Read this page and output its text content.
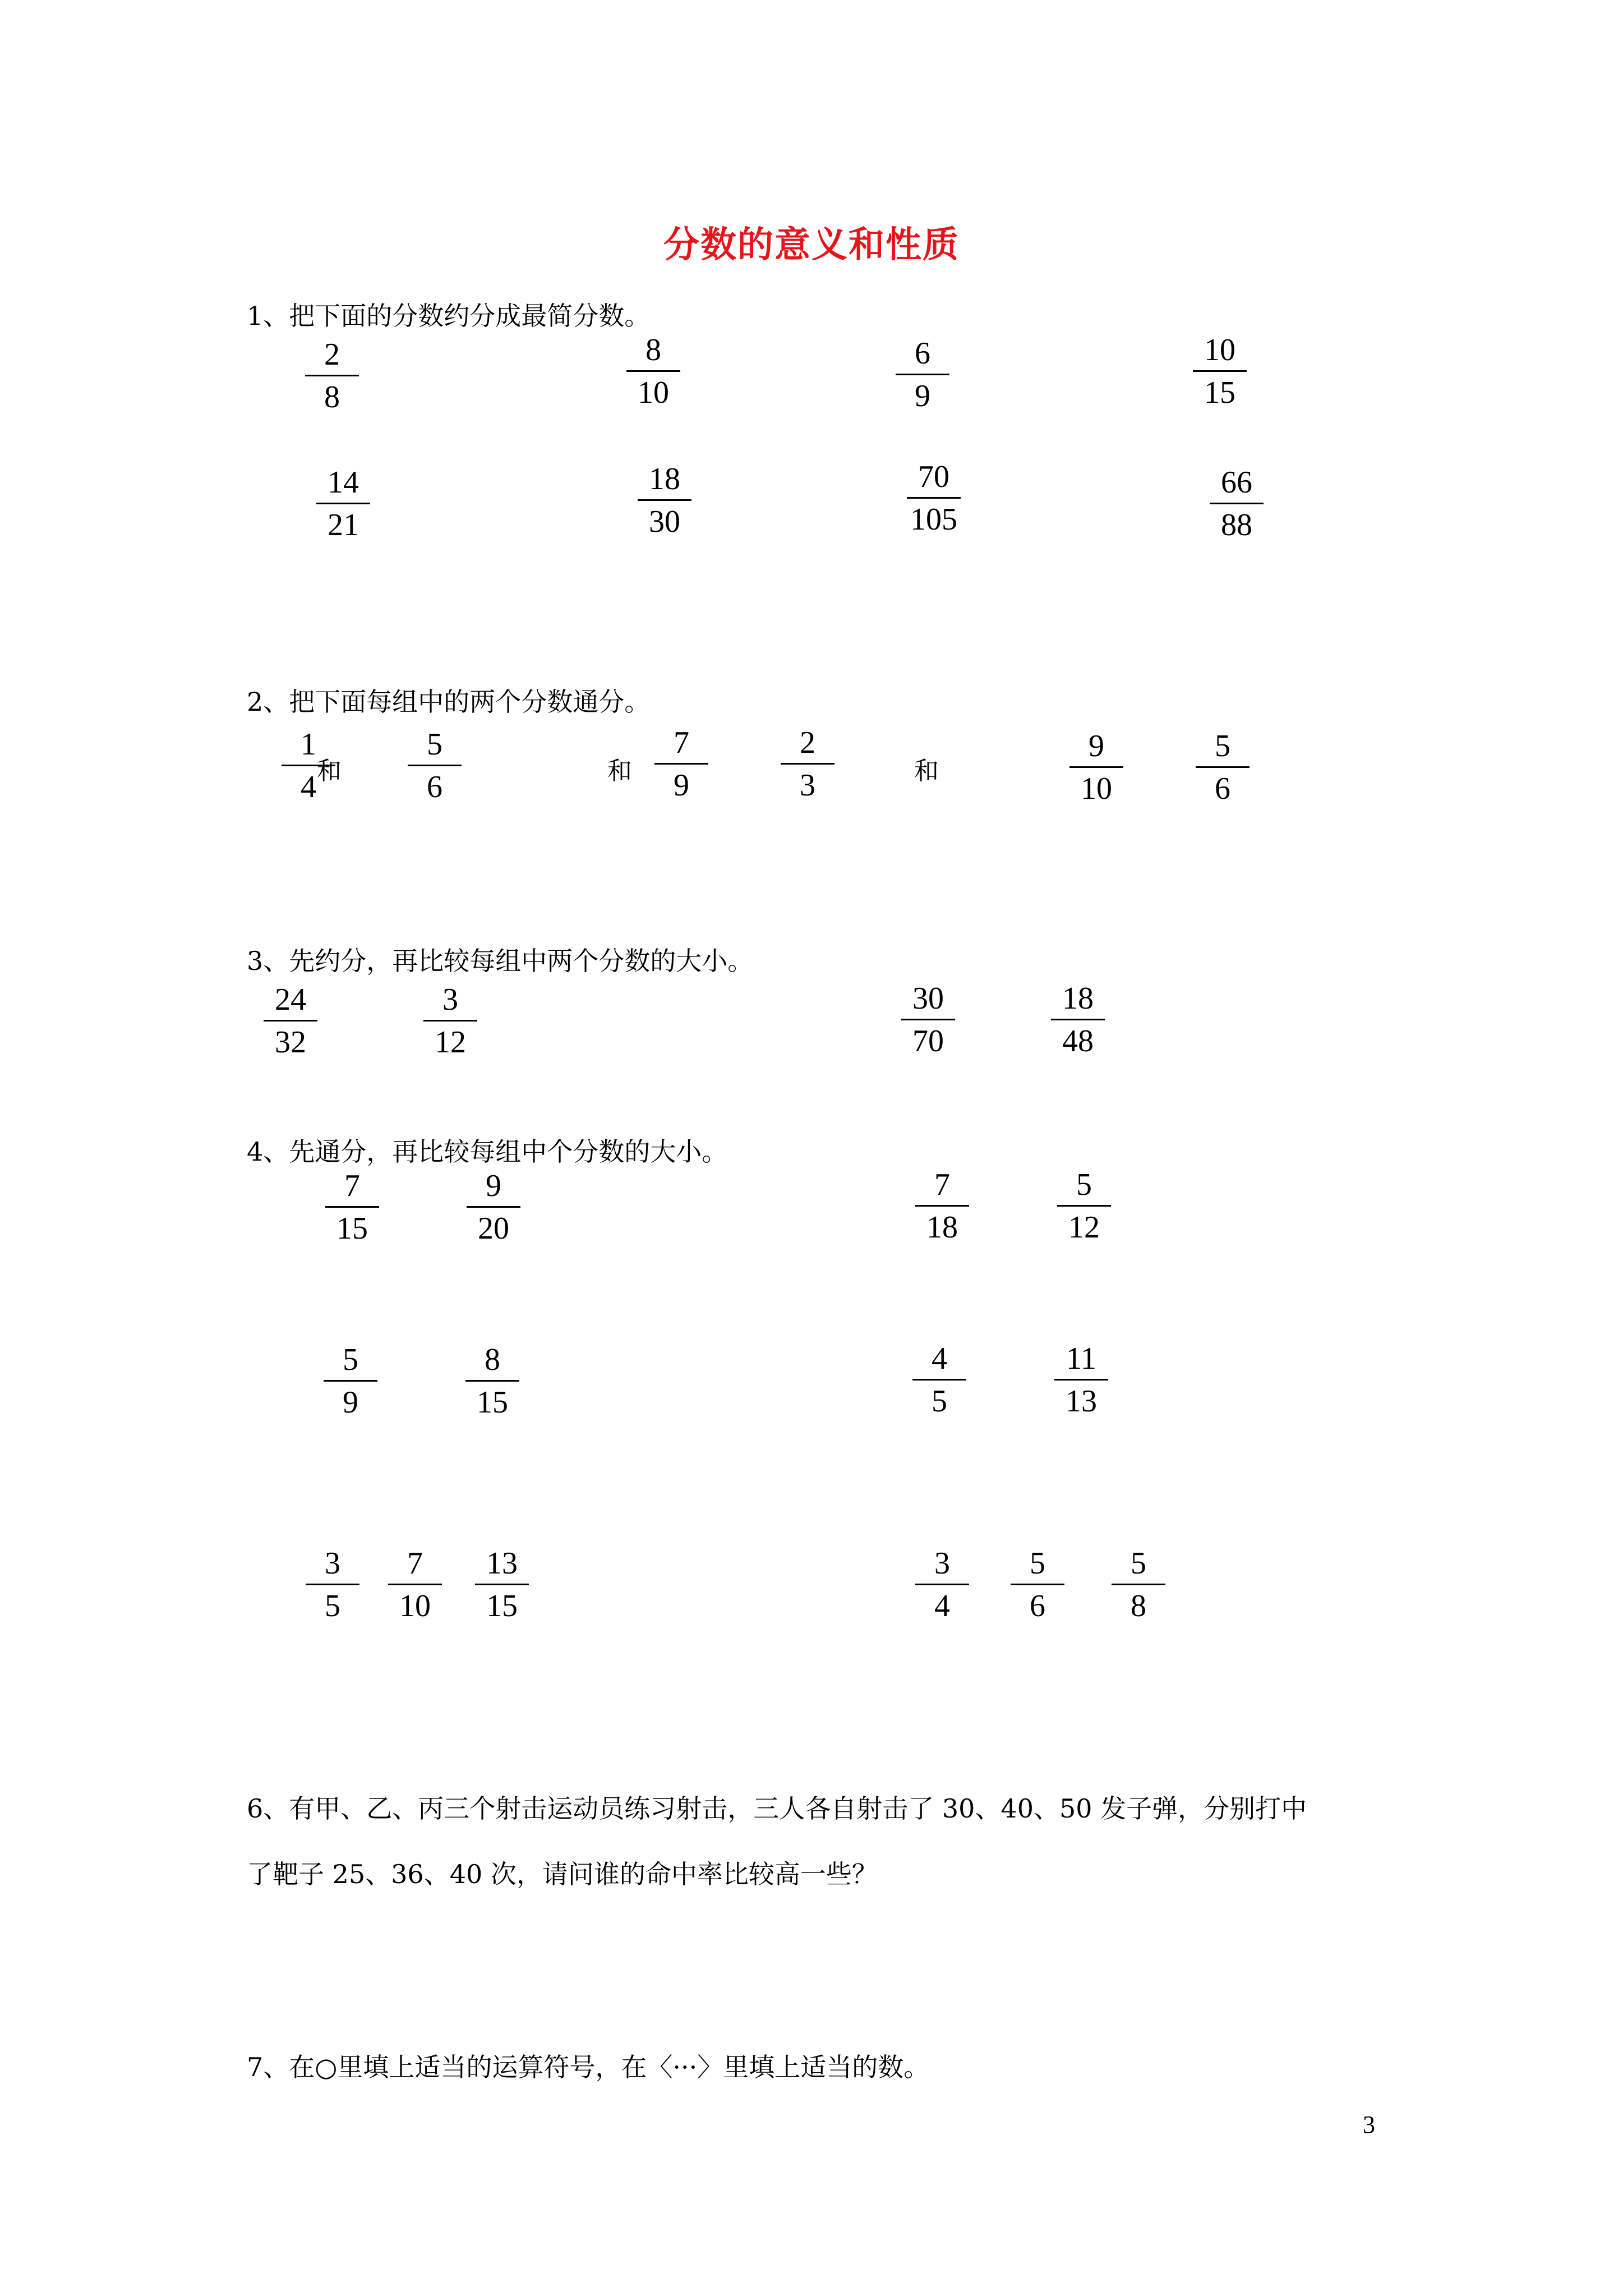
分数的意义和性质
1、把下面的分数约分成最简分数。
2
8
8
10
6
9
10
15
14
21
18
30
70
105
66
88
2、把下面每组中的两个分数通分。
1
4 和
5
6	和
7
9
2
3	和
9
10
5
6
3、先约分，再比较每组中两个分数的大小。
24
32
3
12
30
70
18
48
4、先通分，再比较每组中个分数的大小。
7
15
9
20
7
18
5
12
5
9
8
15
4
5
11
13
3
5
7
10
13
15
3
4
5
6
5
8
6、有甲、乙、丙三个射击运动员练习射击，三人各自射击了 30、40、50 发子弹，分别打中
了靶子 25、36、40 次，请问谁的命中率比较高一些？
7、在○里填上适当的运算符号，在〈···〉里填上适当的数。
3
